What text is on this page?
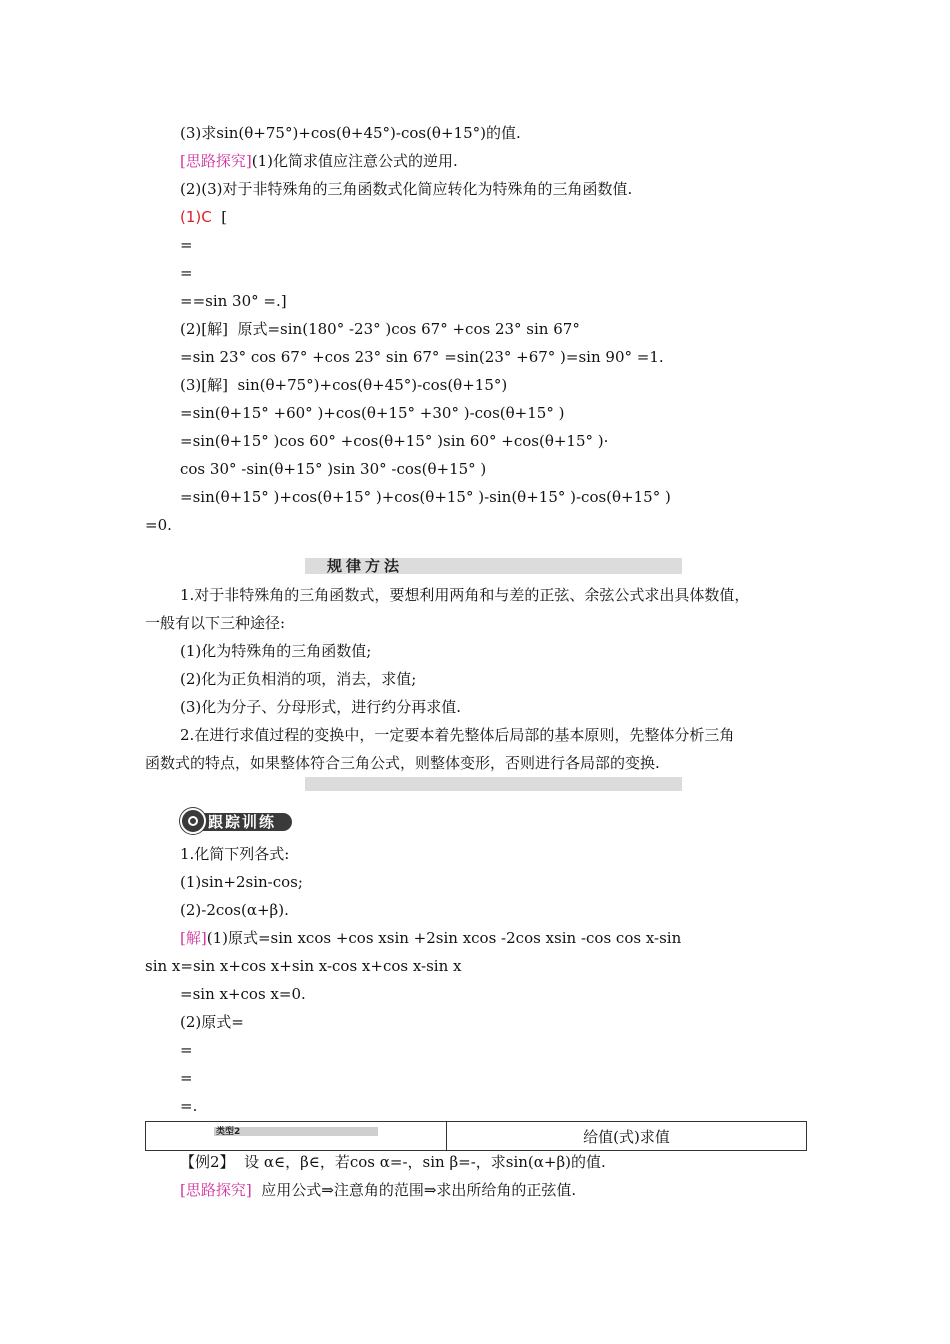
(3)求sin(θ+75°)+cos(θ+45°)-cos(θ+15°)的值.
[思路探究](1)化简求值应注意公式的逆用.
(2)(3)对于非特殊角的三角函数式化简应转化为特殊角的三角函数值.
(1)C  [
=
=
==sin 30° =.]
(2)[解]  原式=sin(180° -23° )cos 67° +cos 23° sin 67°
=sin 23° cos 67° +cos 23° sin 67° =sin(23° +67° )=sin 90° =1.
(3)[解]  sin(θ+75°)+cos(θ+45°)-cos(θ+15°)
=sin(θ+15° +60° )+cos(θ+15° +30° )-cos(θ+15° )
=sin(θ+15° )cos 60° +cos(θ+15° )sin 60° +cos(θ+15° )·
cos 30° -sin(θ+15° )sin 30° -cos(θ+15° )
=sin(θ+15° )+cos(θ+15° )+cos(θ+15° )-sin(θ+15° )-cos(θ+15° )
=0.
规律方法
1.对于非特殊角的三角函数式，要想利用两角和与差的正弦、余弦公式求出具体数值，
一般有以下三种途径:
(1)化为特殊角的三角函数值;
(2)化为正负相消的项，消去，求值;
(3)化为分子、分母形式，进行约分再求值.
2.在进行求值过程的变换中，一定要本着先整体后局部的基本原则，先整体分析三角
函数式的特点，如果整体符合三角公式，则整体变形，否则进行各局部的变换.
跟踪训练
1.化简下列各式:
(1)sin+2sin-cos;
(2)-2cos(α+β).
[解](1)原式=sin xcos +cos xsin +2sin xcos -2cos xsin -cos cos x-sin
sin x=sin x+cos x+sin x-cos x+cos x-sin x
=sin x+cos x=0.
(2)原式=
=
=
=.
类型2	给值(式)求值
【例2】  设 α∈，β∈，若cos α=-，sin β=-，求sin(α+β)的值.
[思路探究]  应用公式⇒注意角的范围⇒求出所给角的正弦值.
